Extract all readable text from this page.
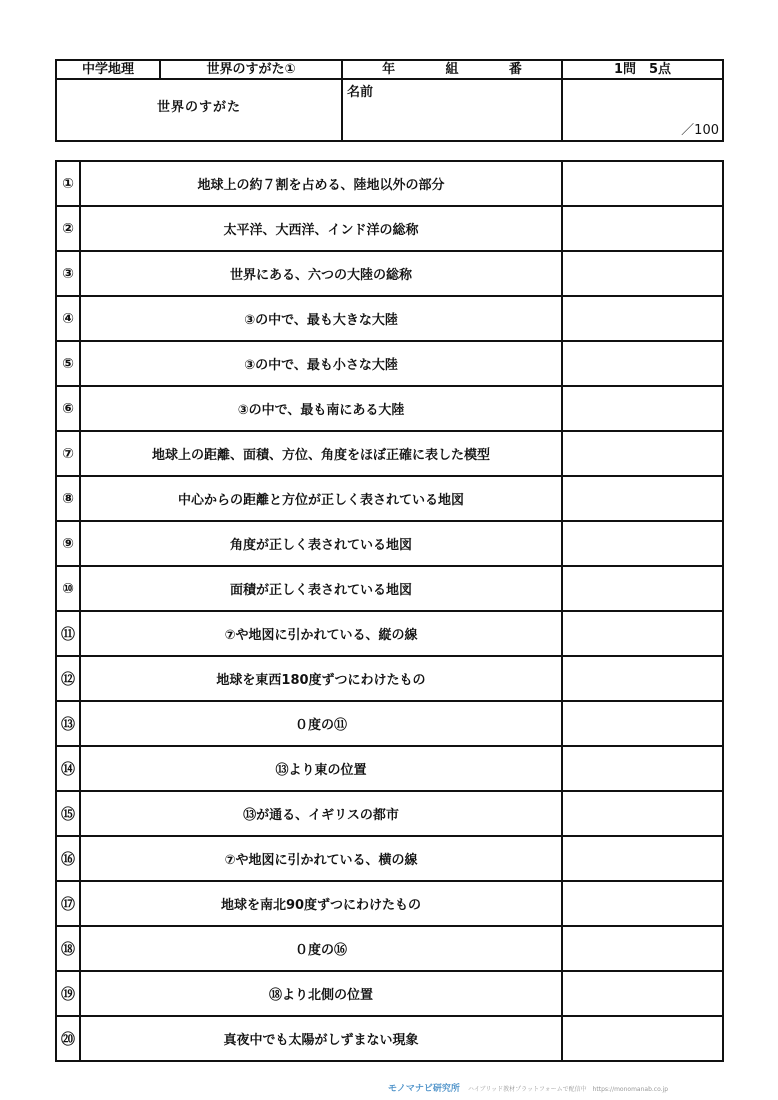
中学地理	世界のすがた①	年 組 番	1問　5点
世界のすがた		名前	／100
①	地球上の約７割を占める、陸地以外の部分	
②	太平洋、大西洋、インド洋の総称	
③	世界にある、六つの大陸の総称	
④	③の中で、最も大きな大陸	
⑤	③の中で、最も小さな大陸	
⑥	③の中で、最も南にある大陸	
⑦	地球上の距離、面積、方位、角度をほぼ正確に表した模型	
⑧	中心からの距離と方位が正しく表されている地図	
⑨	角度が正しく表されている地図	
⑩	面積が正しく表されている地図	
⑪	⑦や地図に引かれている、縦の線	
⑫	地球を東西180度ずつにわけたもの	
⑬	０度の⑪	
⑭	⑬より東の位置	
⑮	⑬が通る、イギリスの都市	
⑯	⑦や地図に引かれている、横の線	
⑰	地球を南北90度ずつにわけたもの	
⑱	０度の⑯	
⑲	⑱より北側の位置	
⑳	真夜中でも太陽がしずまない現象	
モノマナビ研究所 ハイブリッド教材プラットフォームで配信中　https://monomanab.co.jp
